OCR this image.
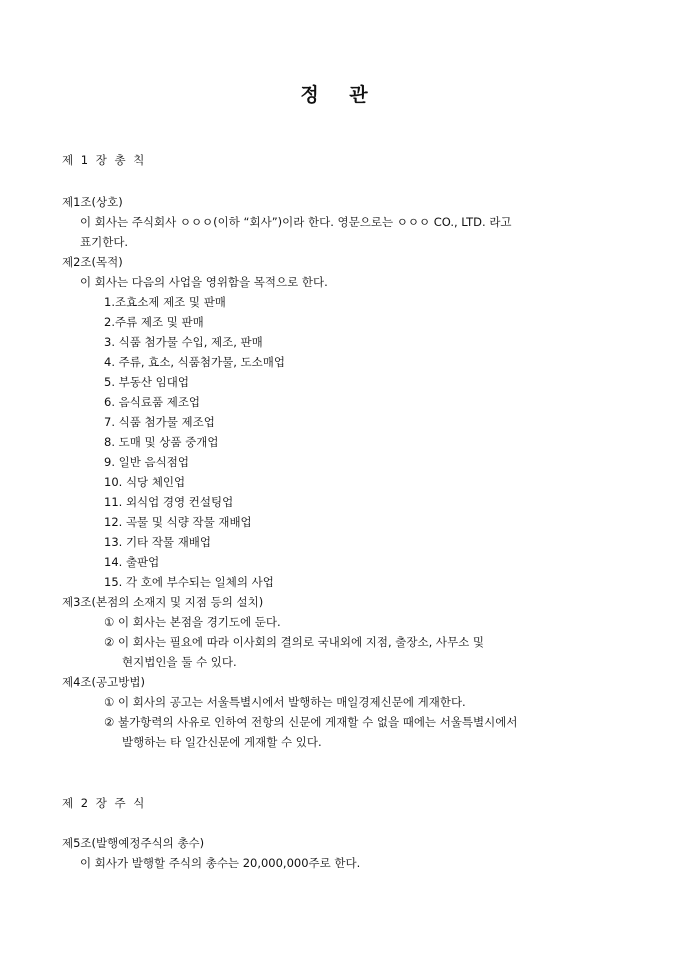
정 관
제 1 장 총 칙
제1조(상호)
이 회사는 주식회사 ㅇㅇㅇ(이하 “회사”)이라 한다. 영문으로는 ㅇㅇㅇ CO., LTD. 라고
표기한다.
제2조(목적)
이 회사는 다음의 사업을 영위함을 목적으로 한다.
1.조효소제 제조 및 판매
2.주류 제조 및 판매
3. 식품 첨가물 수입, 제조, 판매
4. 주류, 효소, 식품첨가물, 도소매업
5. 부동산 임대업
6. 음식료품 제조업
7. 식품 첨가물 제조업
8. 도매 및 상품 중개업
9. 일반 음식점업
10. 식당 체인업
11. 외식업 경영 컨설팅업
12. 곡물 및 식량 작물 재배업
13. 기타 작물 재배업
14. 출판업
15. 각 호에 부수되는 일체의 사업
제3조(본점의 소재지 및 지점 등의 설치)
① 이 회사는 본점을 경기도에 둔다.
② 이 회사는 필요에 따라 이사회의 결의로 국내외에 지점, 출장소, 사무소 및
현지법인을 둘 수 있다.
제4조(공고방법)
① 이 회사의 공고는 서울특별시에서 발행하는 매일경제신문에 게재한다.
② 불가항력의 사유로 인하여 전항의 신문에 게재할 수 없을 때에는 서울특별시에서
발행하는 타 일간신문에 게재할 수 있다.
제 2 장 주 식
제5조(발행예정주식의 총수)
이 회사가 발행할 주식의 총수는 20,000,000주로 한다.
